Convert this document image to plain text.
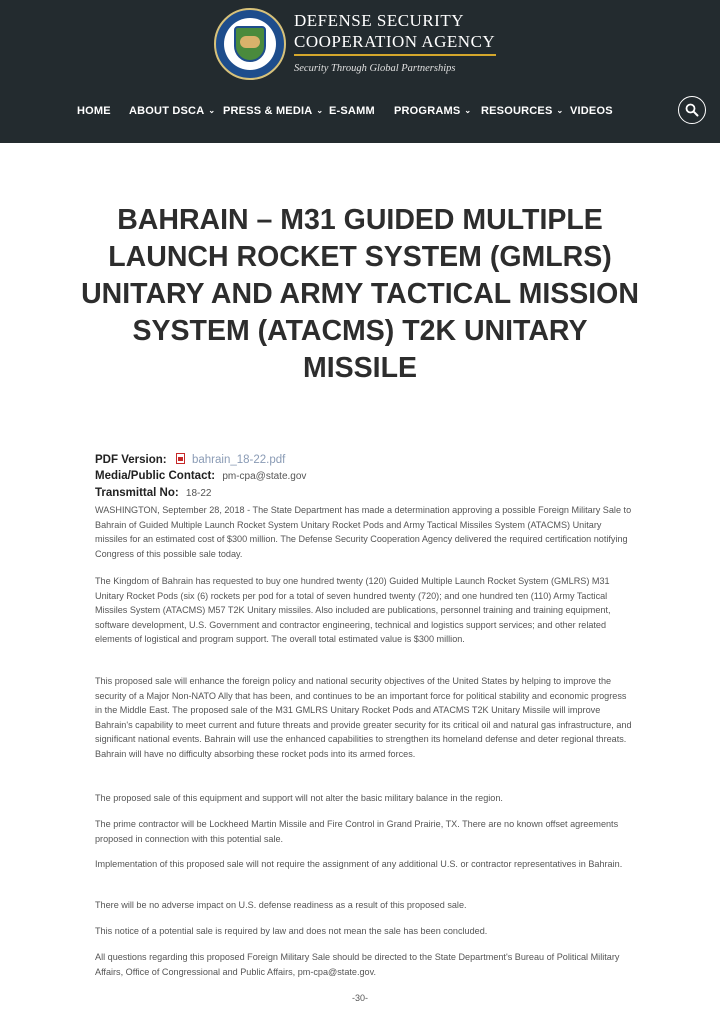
DEFENSE SECURITY
COOPERATION AGENCY
Security Through Global Partnerships
HOME ABOUT DSCA ⌄ PRESS & MEDIA ⌄ E-SAMM PROGRAMS ⌄ RESOURCES ⌄ VIDEOS
BAHRAIN – M31 GUIDED MULTIPLE LAUNCH ROCKET SYSTEM (GMLRS) UNITARY AND ARMY TACTICAL MISSION SYSTEM (ATACMS) T2K UNITARY MISSILE
PDF Version: bahrain_18-22.pdf
Media/Public Contact: pm-cpa@state.gov
Transmittal No: 18-22

WASHINGTON, September 28, 2018 - The State Department has made a determination approving a possible Foreign Military Sale to Bahrain of Guided Multiple Launch Rocket System Unitary Rocket Pods and Army Tactical Missiles System (ATACMS) Unitary missiles for an estimated cost of $300 million. The Defense Security Cooperation Agency delivered the required certification notifying Congress of this possible sale today.

The Kingdom of Bahrain has requested to buy one hundred twenty (120) Guided Multiple Launch Rocket System (GMLRS) M31 Unitary Rocket Pods (six (6) rockets per pod for a total of seven hundred twenty (720); and one hundred ten (110) Army Tactical Missiles System (ATACMS) M57 T2K Unitary missiles. Also included are publications, personnel training and training equipment, software development, U.S. Government and contractor engineering, technical and logistics support services; and other related elements of logistical and program support. The overall total estimated value is $300 million.

This proposed sale will enhance the foreign policy and national security objectives of the United States by helping to improve the security of a Major Non-NATO Ally that has been, and continues to be an important force for political stability and economic progress in the Middle East. The proposed sale of the M31 GMLRS Unitary Rocket Pods and ATACMS T2K Unitary Missile will improve Bahrain's capability to meet current and future threats and provide greater security for its critical oil and natural gas infrastructure, and significant national events. Bahrain will use the enhanced capabilities to strengthen its homeland defense and deter regional threats. Bahrain will have no difficulty absorbing these rocket pods into its armed forces.

The proposed sale of this equipment and support will not alter the basic military balance in the region.

The prime contractor will be Lockheed Martin Missile and Fire Control in Grand Prairie, TX. There are no known offset agreements proposed in connection with this potential sale.

Implementation of this proposed sale will not require the assignment of any additional U.S. or contractor representatives in Bahrain.

There will be no adverse impact on U.S. defense readiness as a result of this proposed sale.

This notice of a potential sale is required by law and does not mean the sale has been concluded.

All questions regarding this proposed Foreign Military Sale should be directed to the State Department's Bureau of Political Military Affairs, Office of Congressional and Public Affairs, pm-cpa@state.gov.

-30-
